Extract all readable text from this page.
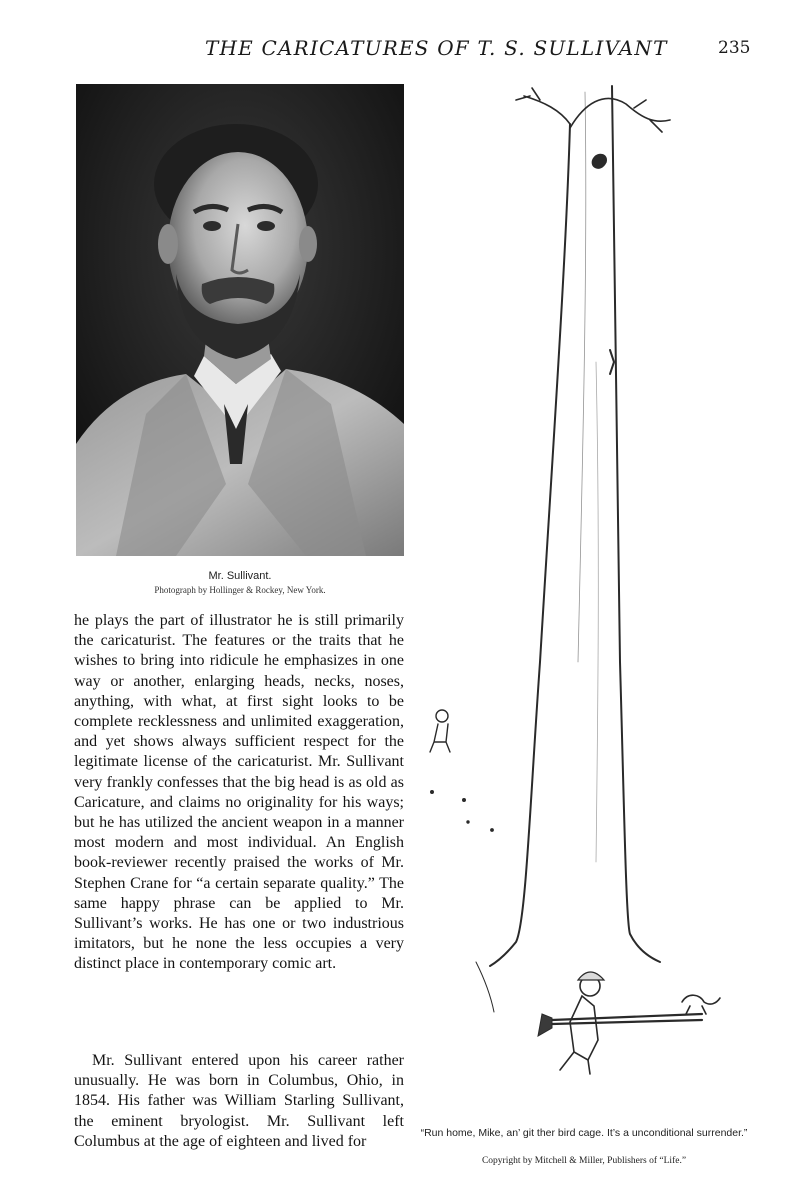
THE CARICATURES OF T. S. SULLIVANT	235
Mr. Sullivant.
Photograph by Hollinger & Rockey, New York.

he plays the part of illustrator he is still primarily the caricaturist. The features or the traits that he wishes to bring into ridicule he emphasizes in one way or another, enlarging heads, necks, noses, anything, with what, at first sight looks to be complete recklessness and unlimited exaggeration, and yet shows always sufficient respect for the legitimate license of the caricaturist. Mr. Sullivant very frankly confesses that the big head is as old as Caricature, and claims no originality for his ways; but he has utilized the ancient weapon in a manner most modern and most individual. An English book-reviewer recently praised the works of Mr. Stephen Crane for “a certain separate quality.” The same happy phrase can be applied to Mr. Sullivant’s works. He has one or two industrious imitators, but he none the less occupies a very distinct place in contemporary comic art.

Mr. Sullivant entered upon his career rather unusually. He was born in Columbus, Ohio, in 1854. His father was William Starling Sullivant, the eminent bryologist. Mr. Sullivant left Columbus at the age of eighteen and lived for	“Run home, Mike, an’ git ther bird cage. It’s a unconditional surrender.”
Copyright by Mitchell & Miller, Publishers of “Life.”
